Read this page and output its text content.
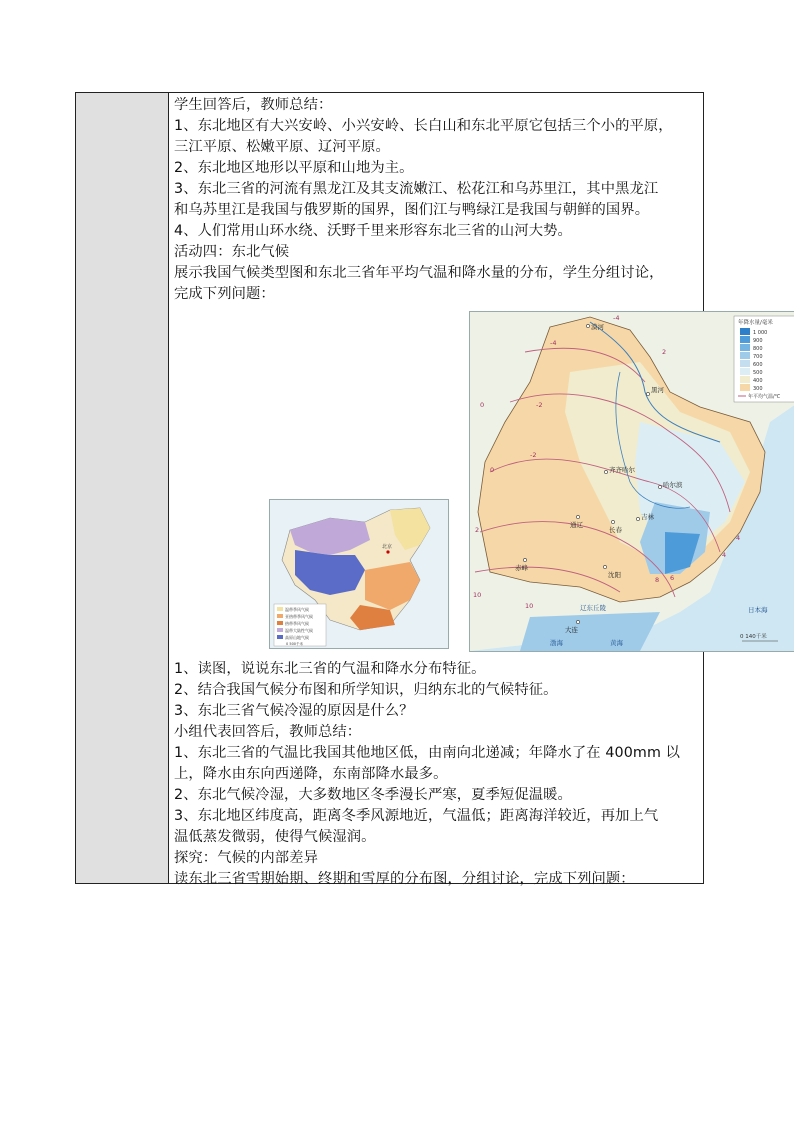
学生回答后，教师总结：
1、东北地区有大兴安岭、小兴安岭、长白山和东北平原它包括三个小的平原，
三江平原、松嫩平原、辽河平原。
2、东北地区地形以平原和山地为主。
3、东北三省的河流有黑龙江及其支流嫩江、松花江和乌苏里江，其中黑龙江
和乌苏里江是我国与俄罗斯的国界，图们江与鸭绿江是我国与朝鲜的国界。
4、人们常用山环水绕、沃野千里来形容东北三省的山河大势。
活动四：东北气候
展示我国气候类型图和东北三省年平均气温和降水量的分布，学生分组讨论，
完成下列问题：
北京
温带季风气候
亚热带季风气候
热带季风气候
温带大陆性气候
高原山地气候
0 500千米
年降水量/毫米
1 000
900
800
700
600
500
400
300
年平均气温/℃
漠河
黑河
齐齐哈尔
哈尔滨
长春
吉林
通辽
赤峰
沈阳
大连
辽东丘陵
渤海	黄海
日本海
-4
-4
-2
2
0
0
-2
2
4
4
6
8
10
10
0 140千米
1、读图，说说东北三省的气温和降水分布特征。
2、结合我国气候分布图和所学知识，归纳东北的气候特征。
3、东北三省气候冷湿的原因是什么？
小组代表回答后，教师总结：
1、东北三省的气温比我国其他地区低，由南向北递减；年降水了在 400mm 以
上，降水由东向西递降，东南部降水最多。
2、东北气候冷湿，大多数地区冬季漫长严寒，夏季短促温暖。
3、东北地区纬度高，距离冬季风源地近，气温低；距离海洋较近，再加上气
温低蒸发微弱，使得气候湿润。
探究：气候的内部差异
读东北三省雪期始期、终期和雪厚的分布图，分组讨论，完成下列问题：
